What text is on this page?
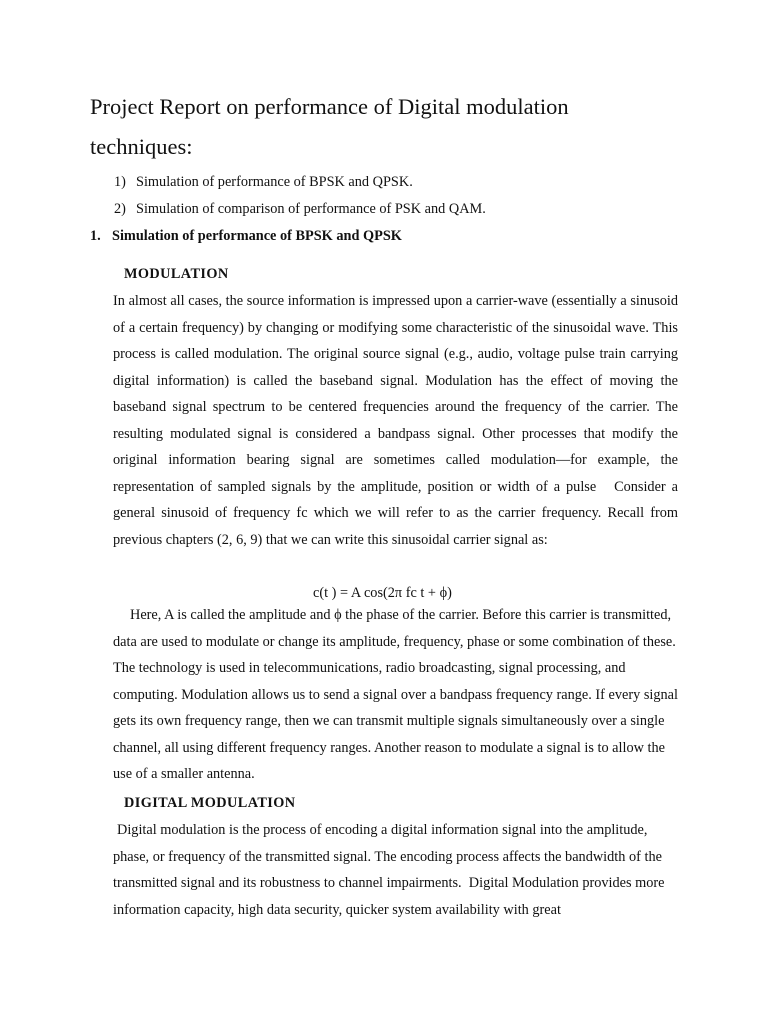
Project Report on performance of Digital modulation
techniques:
1) Simulation of performance of BPSK and QPSK.
2) Simulation of comparison of performance of PSK and QAM.
1. Simulation of performance of BPSK and QPSK
MODULATION

In almost all cases, the source information is impressed upon a carrier-wave (essentially a sinusoid of a certain frequency) by changing or modifying some characteristic of the sinusoidal wave. This process is called modulation. The original source signal (e.g., audio, voltage pulse train carrying digital information) is called the baseband signal. Modulation has the effect of moving the baseband signal spectrum to be centered frequencies around the frequency of the carrier. The resulting modulated signal is considered a bandpass signal. Other processes that modify the original information bearing signal are sometimes called modulation—for example, the representation of sampled signals by the amplitude, position or width of a pulse   Consider a general sinusoid of frequency fc which we will refer to as the carrier frequency. Recall from previous chapters (2, 6, 9) that we can write this sinusoidal carrier signal as:

c(t ) = A cos(2π fc t + ϕ)

Here, A is called the amplitude and ϕ the phase of the carrier. Before this carrier is transmitted, data are used to modulate or change its amplitude, frequency, phase or some combination of these. The technology is used in telecommunications, radio broadcasting, signal processing, and computing. Modulation allows us to send a signal over a bandpass frequency range. If every signal gets its own frequency range, then we can transmit multiple signals simultaneously over a single channel, all using different frequency ranges. Another reason to modulate a signal is to allow the use of a smaller antenna.

DIGITAL MODULATION

Digital modulation is the process of encoding a digital information signal into the amplitude, phase, or frequency of the transmitted signal. The encoding process affects the bandwidth of the transmitted signal and its robustness to channel impairments.  Digital Modulation provides more information capacity, high data security, quicker system availability with great
